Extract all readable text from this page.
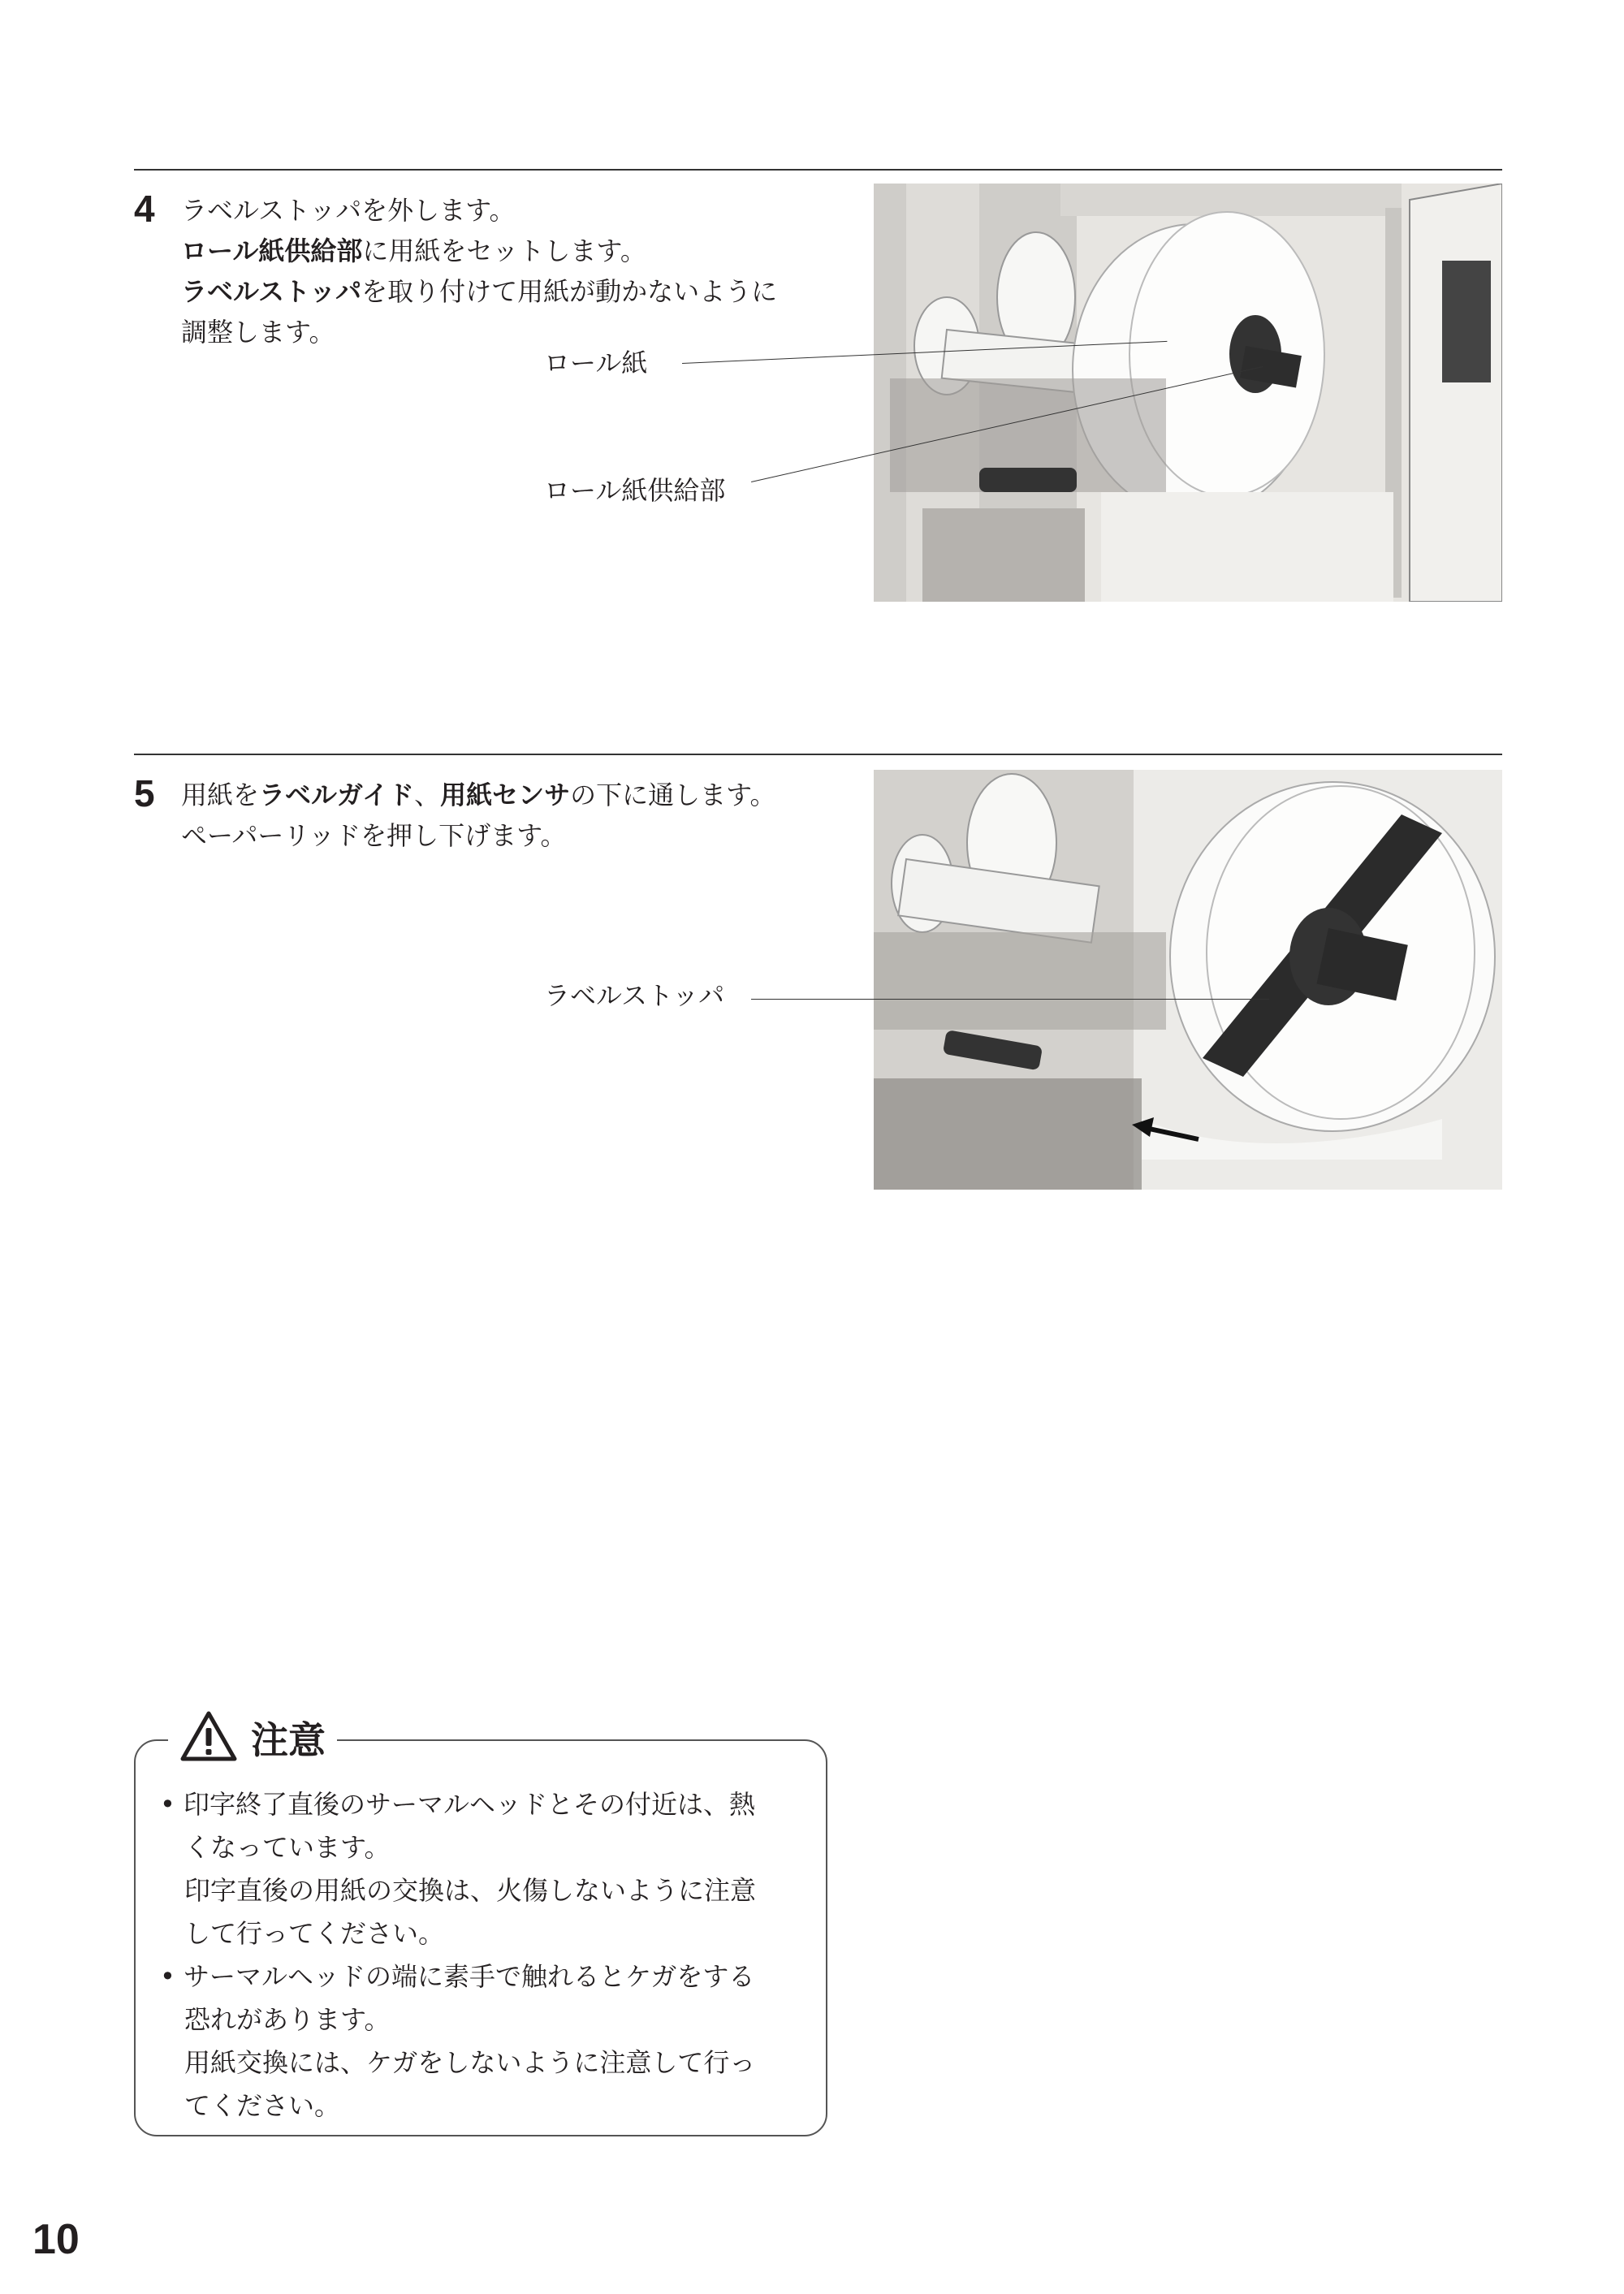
4 ラベルストッパを外します。
ロール紙供給部に用紙をセットします。
ラベルストッパを取り付けて用紙が動かないように
調整します。
ロール紙
ロール紙供給部
5 用紙をラベルガイド、用紙センサの下に通します。
ペーパーリッドを押し下げます。
ラベルストッパ
注意
• 印字終了直後のサーマルヘッドとその付近は、熱
くなっています。
印字直後の用紙の交換は、火傷しないように注意
して行ってください。
• サーマルヘッドの端に素手で触れるとケガをする
恐れがあります。
用紙交換には、ケガをしないように注意して行っ
てください。
10
